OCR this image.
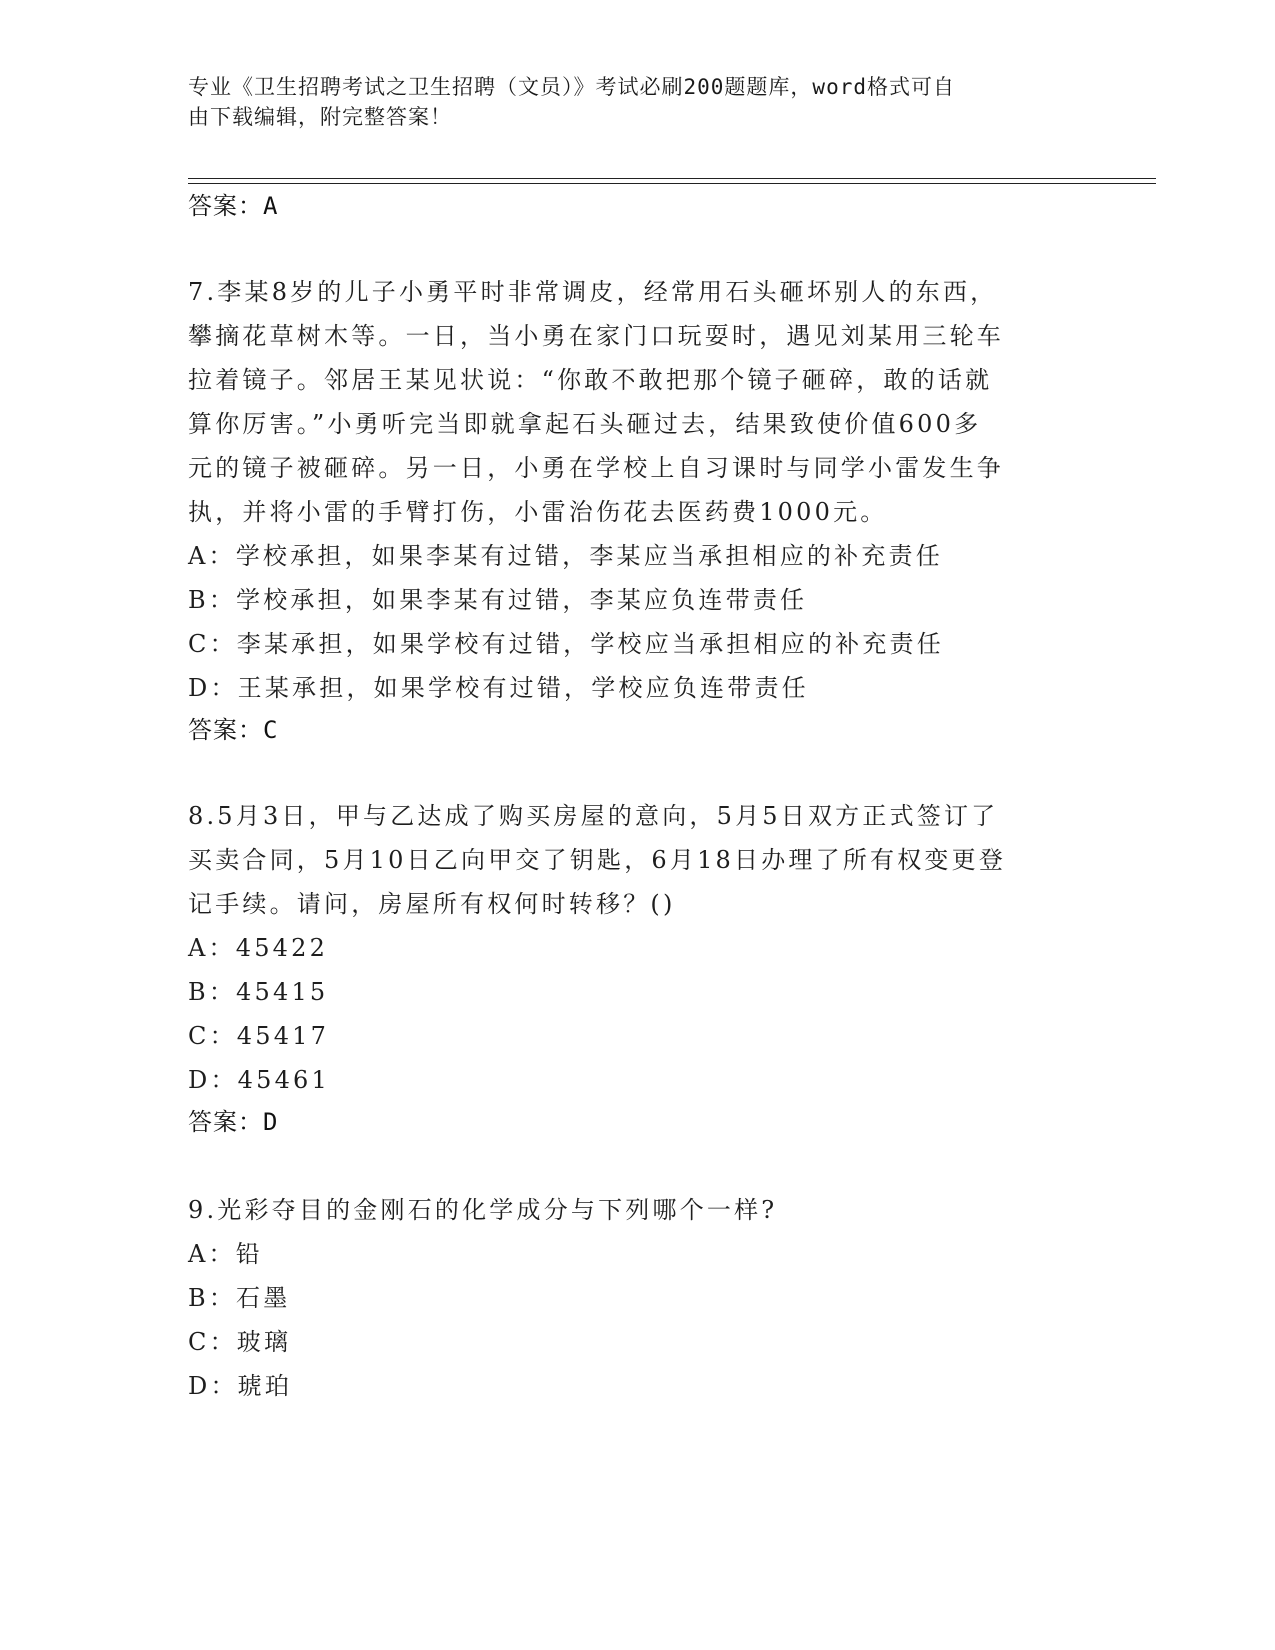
专业《卫生招聘考试之卫生招聘（文员）》考试必刷200题题库，word格式可自
由下载编辑，附完整答案！
答案：A
7.李某8岁的儿子小勇平时非常调皮，经常用石头砸坏别人的东西，
攀摘花草树木等。一日，当小勇在家门口玩耍时，遇见刘某用三轮车
拉着镜子。邻居王某见状说：“你敢不敢把那个镜子砸碎，敢的话就
算你厉害。”小勇听完当即就拿起石头砸过去，结果致使价值600多
元的镜子被砸碎。另一日，小勇在学校上自习课时与同学小雷发生争
执，并将小雷的手臂打伤，小雷治伤花去医药费1000元。
A：学校承担，如果李某有过错，李某应当承担相应的补充责任
B：学校承担，如果李某有过错，李某应负连带责任
C：李某承担，如果学校有过错，学校应当承担相应的补充责任
D：王某承担，如果学校有过错，学校应负连带责任
答案：C
8.5月3日，甲与乙达成了购买房屋的意向，5月5日双方正式签订了
买卖合同，5月10日乙向甲交了钥匙，6月18日办理了所有权变更登
记手续。请问，房屋所有权何时转移？()
A：45422
B：45415
C：45417
D：45461
答案：D
9.光彩夺目的金刚石的化学成分与下列哪个一样?
A：铅
B：石墨
C：玻璃
D：琥珀
